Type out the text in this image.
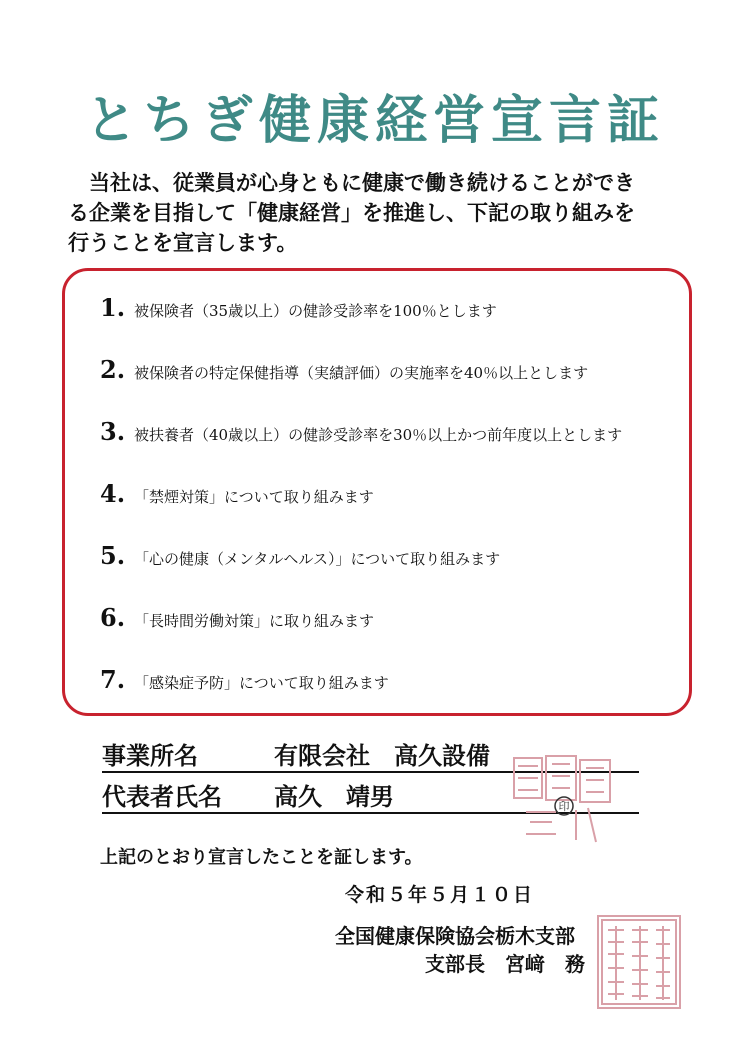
とちぎ健康経営宣言証
　当社は、従業員が心身ともに健康で働き続けることができ
る企業を目指して「健康経営」を推進し、下記の取り組みを
行うことを宣言します。
1. 被保険者（35歳以上）の健診受診率を100％とします
2. 被保険者の特定保健指導（実績評価）の実施率を40％以上とします
3. 被扶養者（40歳以上）の健診受診率を30％以上かつ前年度以上とします
4. 「禁煙対策」について取り組みます
5. 「心の健康（メンタルヘルス）」について取り組みます
6. 「長時間労働対策」に取り組みます
7. 「感染症予防」について取り組みます
事業所名	有限会社　高久設備
代表者氏名	高久　靖男	印
上記のとおり宣言したことを証します。
令和５年５月１０日
全国健康保険協会栃木支部
支部長　宮﨑　務
